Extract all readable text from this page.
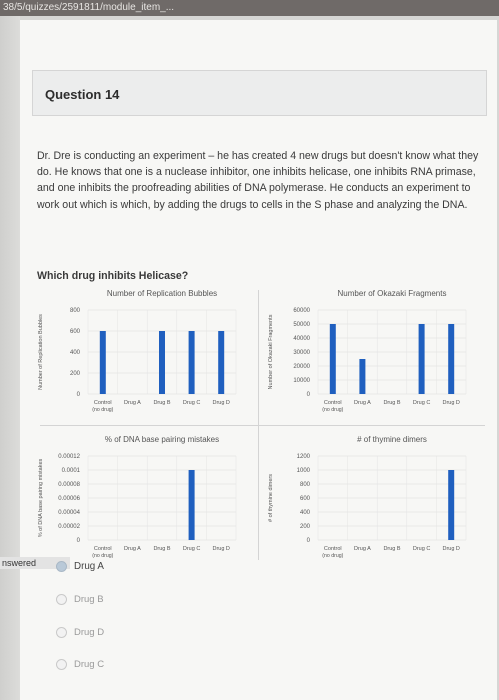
38/5/quizzes/2591811/module_item_...
Question 14
Dr. Dre is conducting an experiment – he has created 4 new drugs but doesn't know what they do. He knows that one is a nuclease inhibitor, one inhibits helicase, one inhibits RNA primase, and one inhibits the proofreading abilities of DNA polymerase. He conducts an experiment to work out which is which, by adding the drugs to cells in the S phase and analyzing the DNA.
Which drug inhibits Helicase?
Number of Replication Bubbles
Number of Replication Bubbles
800
600
400
200
0
Control Drug A Drug B Drug C Drug D
(no drug)
Number of Okazaki Fragments
Number of Okazaki Fragments
60000
50000
40000
30000
20000
10000
0
Control Drug A Drug B Drug C Drug D
(no drug)
% of DNA base pairing mistakes
% of DNA base pairing mistakes
0.00012
0.0001
0.00008
0.00006
0.00004
0.00002
0
Control Drug A Drug B Drug C Drug D
(no drug)
# of thymine dimers
# of thymine dimers
1200
1000
800
600
400
200
0
Control Drug A Drug B Drug C Drug D
(no drug)
nswered	Drug A
Drug B
Drug D
Drug C
